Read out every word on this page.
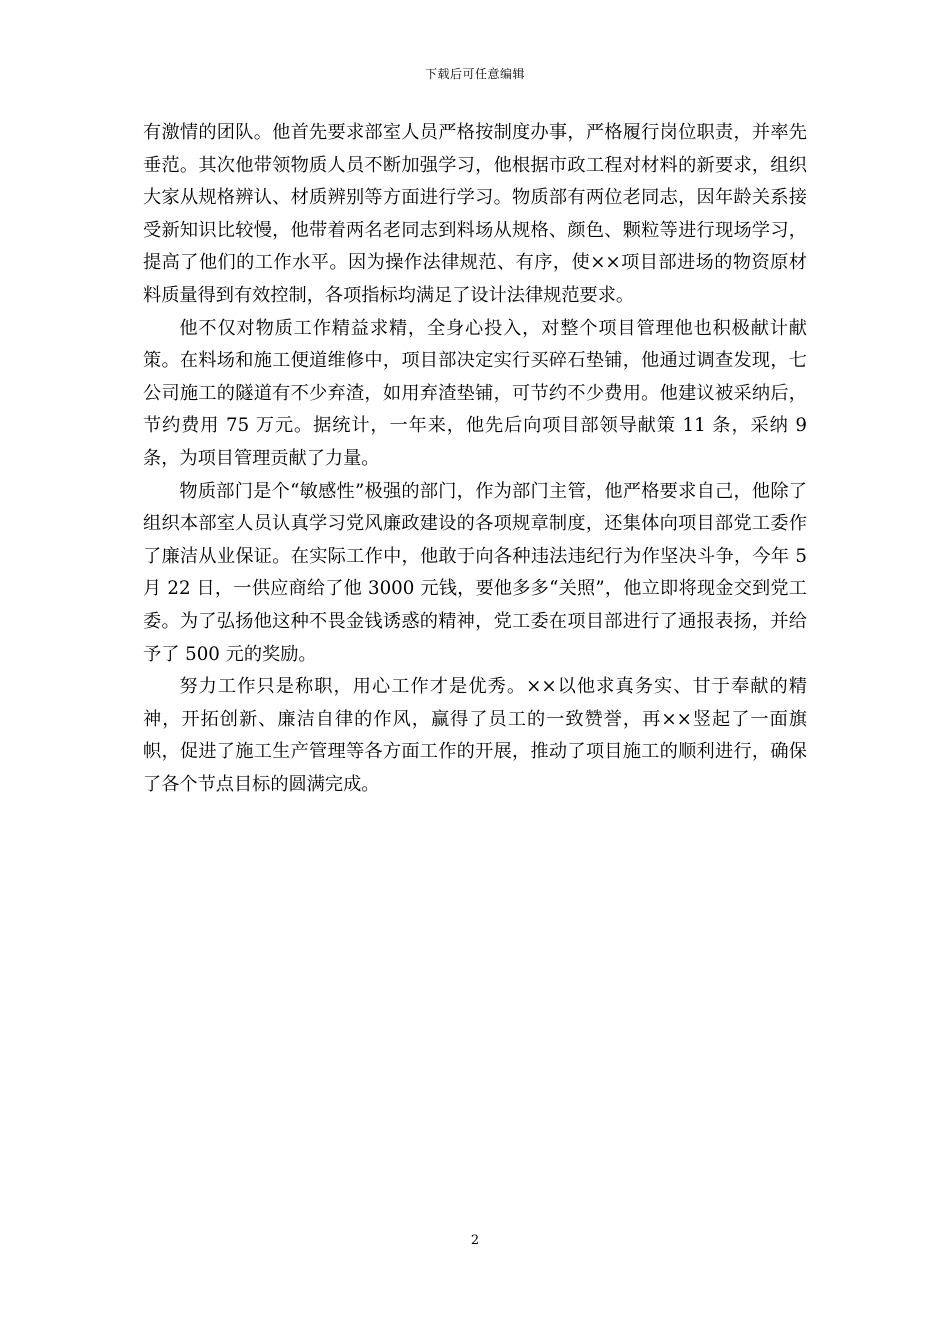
下载后可任意编辑

有激情的团队。他首先要求部室人员严格按制度办事，严格履行岗位职责，并率先垂范。其次他带领物质人员不断加强学习，他根据市政工程对材料的新要求，组织大家从规格辨认、材质辨别等方面进行学习。物质部有两位老同志，因年龄关系接受新知识比较慢，他带着两名老同志到料场从规格、颜色、颗粒等进行现场学习，提高了他们的工作水平。因为操作法律规范、有序，使××项目部进场的物资原材料质量得到有效控制，各项指标均满足了设计法律规范要求。

他不仅对物质工作精益求精，全身心投入，对整个项目管理他也积极献计献策。在料场和施工便道维修中，项目部决定实行买碎石垫铺，他通过调查发现，七公司施工的隧道有不少弃渣，如用弃渣垫铺，可节约不少费用。他建议被采纳后，节约费用 75 万元。据统计，一年来，他先后向项目部领导献策 11 条，采纳 9 条，为项目管理贡献了力量。

物质部门是个“敏感性”极强的部门，作为部门主管，他严格要求自己，他除了组织本部室人员认真学习党风廉政建设的各项规章制度，还集体向项目部党工委作了廉洁从业保证。在实际工作中，他敢于向各种违法违纪行为作坚决斗争，今年 5 月 22 日，一供应商给了他 3000 元钱，要他多多“关照”，他立即将现金交到党工委。为了弘扬他这种不畏金钱诱惑的精神，党工委在项目部进行了通报表扬，并给予了 500 元的奖励。

努力工作只是称职，用心工作才是优秀。××以他求真务实、甘于奉献的精神，开拓创新、廉洁自律的作风，赢得了员工的一致赞誉，再××竖起了一面旗帜，促进了施工生产管理等各方面工作的开展，推动了项目施工的顺利进行，确保了各个节点目标的圆满完成。

2
